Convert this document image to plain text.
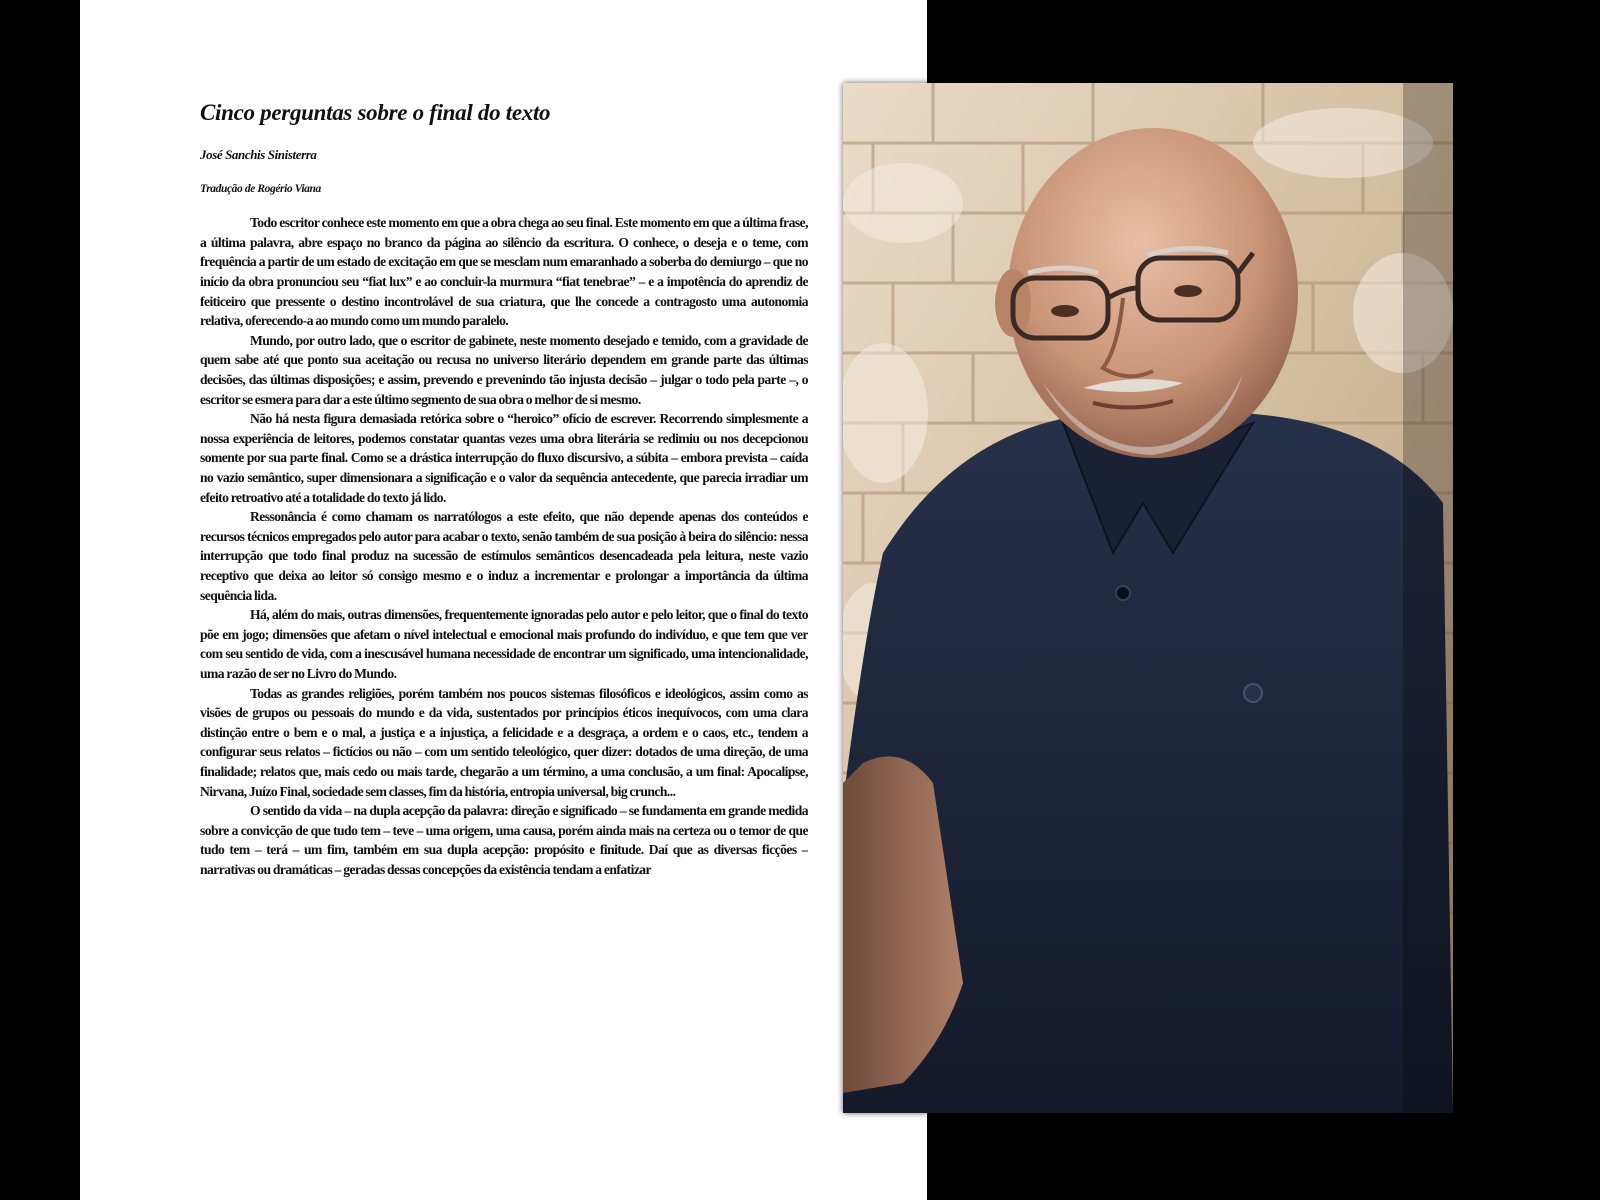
Cinco perguntas sobre o final do texto

José Sanchis Sinisterra

Tradução de Rogério Viana

Todo escritor conhece este momento em que a obra chega ao seu final. Este momento em que a última frase, a última palavra, abre espaço no branco da página ao silêncio da escritura. O conhece, o deseja e o teme, com frequência a partir de um estado de excitação em que se mesclam num emaranhado a soberba do demiurgo – que no início da obra pronunciou seu “fiat lux” e ao concluir-la murmura “fiat tenebrae” – e a impotência do aprendiz de feiticeiro que pressente o destino incontrolável de sua criatura, que lhe concede a contragosto uma autonomia relativa, oferecendo-a ao mundo como um mundo paralelo.

Mundo, por outro lado, que o escritor de gabinete, neste momento desejado e temido, com a gravidade de quem sabe até que ponto sua aceitação ou recusa no universo literário dependem em grande parte das últimas decisões, das últimas disposições; e assim, prevendo e prevenindo tão injusta decisão – julgar o todo pela parte –, o escritor se esmera para dar a este último segmento de sua obra o melhor de si mesmo.

Não há nesta figura demasiada retórica sobre o “heroico” ofício de escrever. Recorrendo simplesmente a nossa experiência de leitores, podemos constatar quantas vezes uma obra literária se redimiu ou nos decepcionou somente por sua parte final. Como se a drástica interrupção do fluxo discursivo, a súbita – embora prevista – caída no vazio semântico, super dimensionara a significação e o valor da sequência antecedente, que parecia irradiar um efeito retroativo até a totalidade do texto já lido.

Ressonância é como chamam os narratólogos a este efeito, que não depende apenas dos conteúdos e recursos técnicos empregados pelo autor para acabar o texto, senão também de sua posição à beira do silêncio: nessa interrupção que todo final produz na sucessão de estímulos semânticos desencadeada pela leitura, neste vazio receptivo que deixa ao leitor só consigo mesmo e o induz a incrementar e prolongar a importância da última sequência lida.

Há, além do mais, outras dimensões, frequentemente ignoradas pelo autor e pelo leitor, que o final do texto põe em jogo; dimensões que afetam o nível intelectual e emocional mais profundo do indivíduo, e que tem que ver com seu sentido de vida, com a inescusável humana necessidade de encontrar um significado, uma intencionalidade, uma razão de ser no Livro do Mundo.

Todas as grandes religiões, porém também nos poucos sistemas filosóficos e ideológicos, assim como as visões de grupos ou pessoais do mundo e da vida, sustentados por princípios éticos inequívocos, com uma clara distinção entre o bem e o mal, a justiça e a injustiça, a felicidade e a desgraça, a ordem e o caos, etc., tendem a configurar seus relatos – fictícios ou não – com um sentido teleológico, quer dizer: dotados de uma direção, de uma finalidade; relatos que, mais cedo ou mais tarde, chegarão a um término, a uma conclusão, a um final: Apocalipse, Nirvana, Juízo Final, sociedade sem classes, fim da história, entropia universal, big crunch...

O sentido da vida – na dupla acepção da palavra: direção e significado – se fundamenta em grande medida sobre a convicção de que tudo tem – teve – uma origem, uma causa, porém ainda mais na certeza ou o temor de que tudo tem – terá – um fim, também em sua dupla acepção: propósito e finitude. Daí que as diversas ficções – narrativas ou dramáticas – geradas dessas concepções da existência tendam a enfatizar
